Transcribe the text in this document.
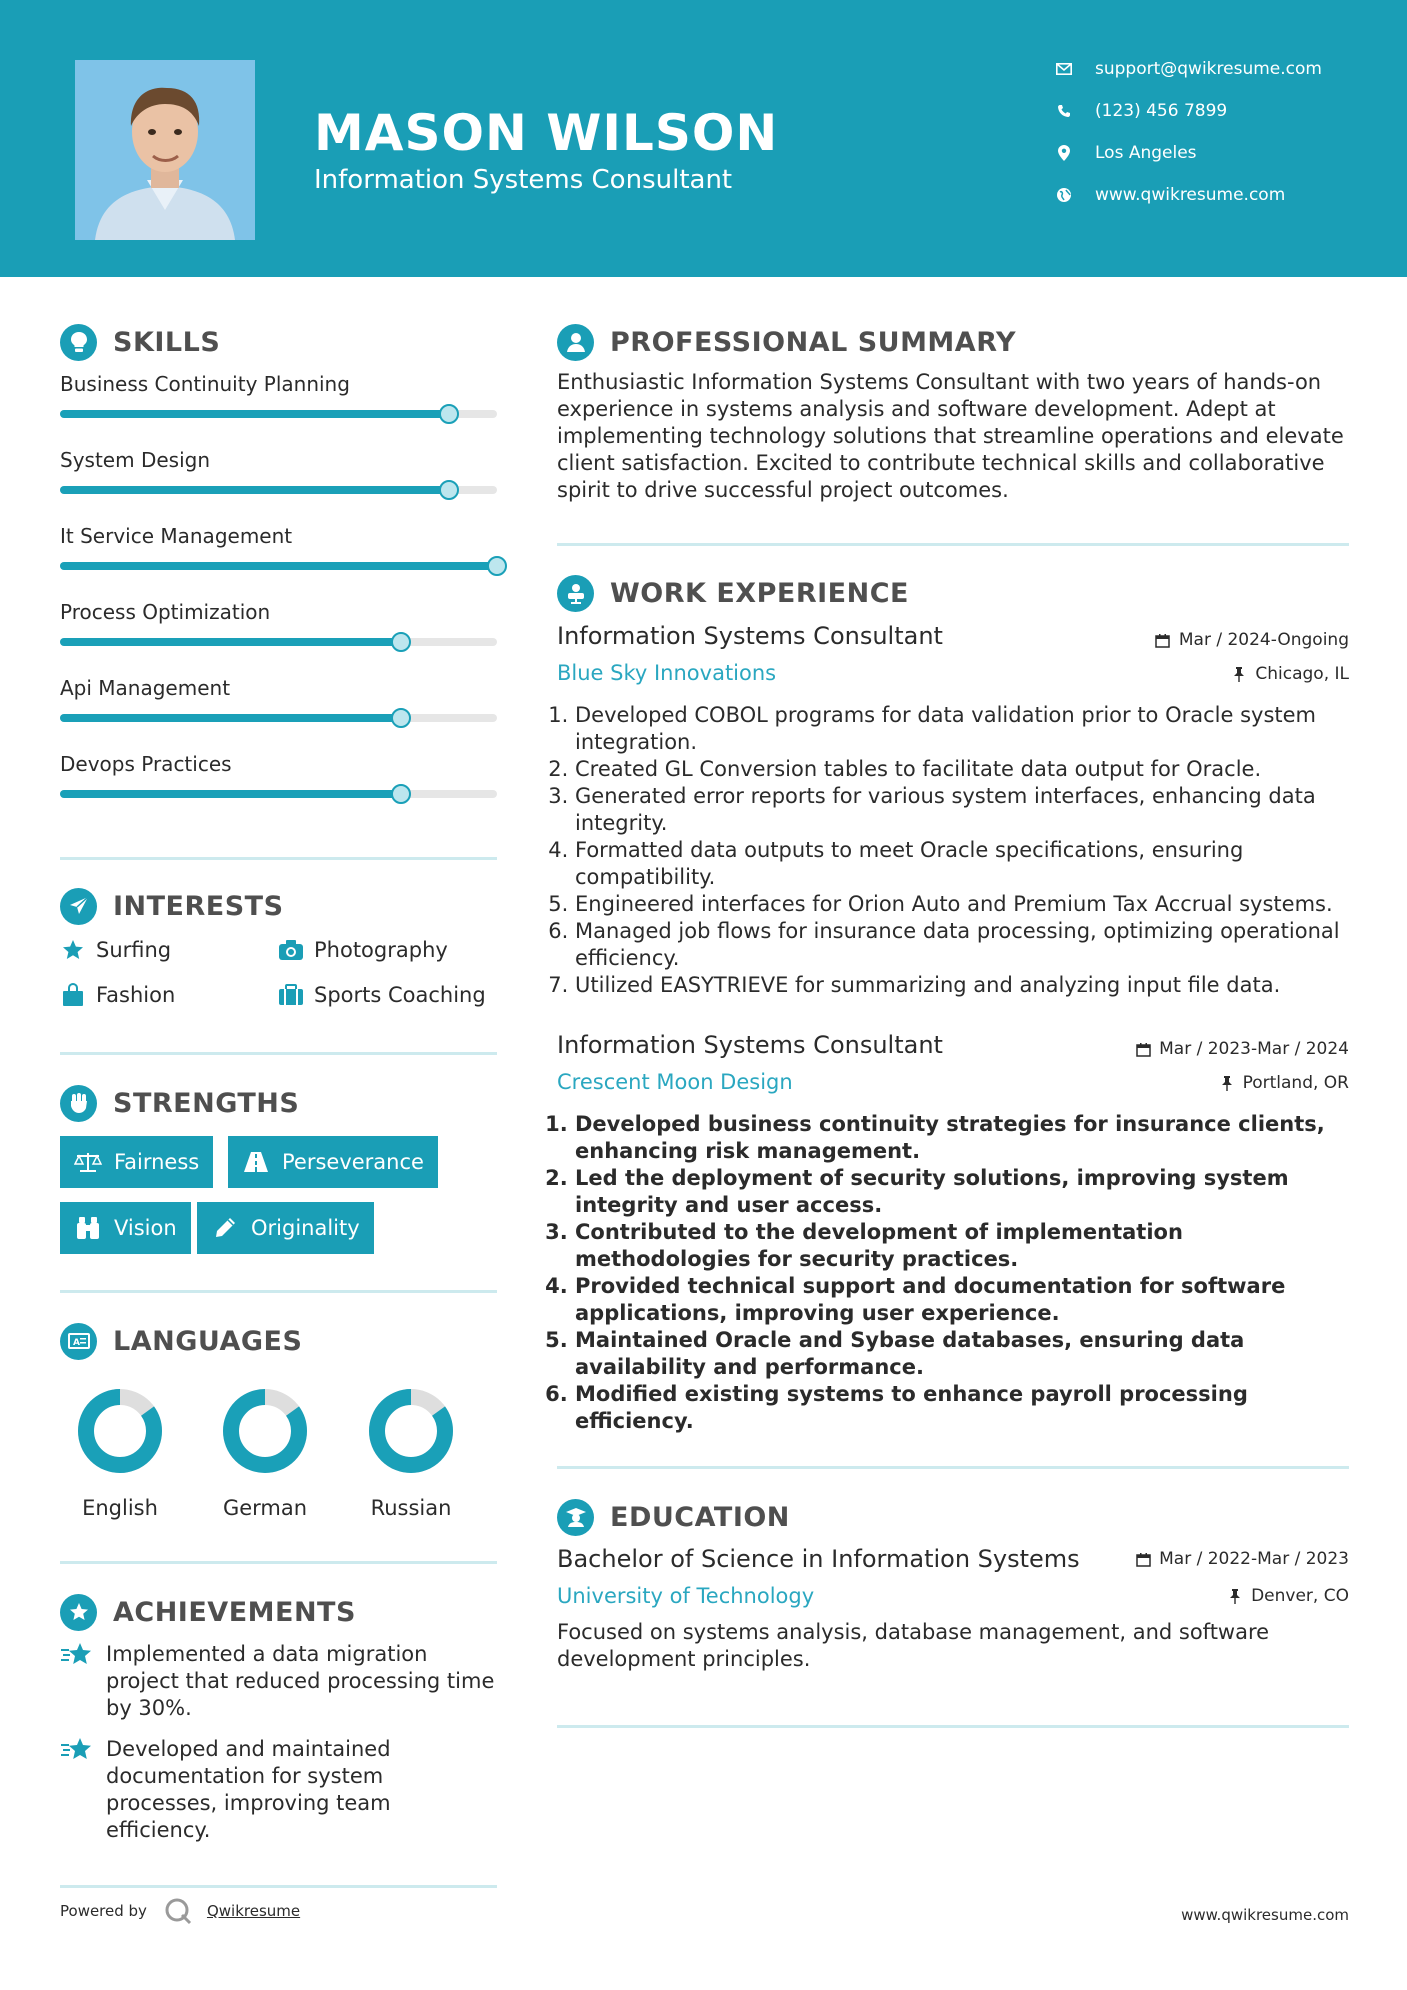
MASON WILSON
Information Systems Consultant
support@qwikresume.com
(123) 456 7899
Los Angeles
www.qwikresume.com
SKILLS
Business Continuity Planning
System Design
It Service Management
Process Optimization
Api Management
Devops Practices
INTERESTS
Surfing	Photography
Fashion	Sports Coaching
STRENGTHS
Fairness	Perseverance
Vision	Originality
A LANGUAGES
English	German	Russian
ACHIEVEMENTS
Implemented a data migration project that reduced processing time by 30%.
Developed and maintained documentation for system processes, improving team efficiency.
PROFESSIONAL SUMMARY
Enthusiastic Information Systems Consultant with two years of hands-on experience in systems analysis and software development. Adept at implementing technology solutions that streamline operations and elevate client satisfaction. Excited to contribute technical skills and collaborative spirit to drive successful project outcomes.
WORK EXPERIENCE
Information Systems Consultant	Mar / 2024-Ongoing
Blue Sky Innovations	Chicago, IL
1. Developed COBOL programs for data validation prior to Oracle system integration.
2. Created GL Conversion tables to facilitate data output for Oracle.
3. Generated error reports for various system interfaces, enhancing data integrity.
4. Formatted data outputs to meet Oracle specifications, ensuring compatibility.
5. Engineered interfaces for Orion Auto and Premium Tax Accrual systems.
6. Managed job flows for insurance data processing, optimizing operational efficiency.
7. Utilized EASYTRIEVE for summarizing and analyzing input file data.
Information Systems Consultant	Mar / 2023-Mar / 2024
Crescent Moon Design	Portland, OR
1. Developed business continuity strategies for insurance clients, enhancing risk management.
2. Led the deployment of security solutions, improving system integrity and user access.
3. Contributed to the development of implementation methodologies for security practices.
4. Provided technical support and documentation for software applications, improving user experience.
5. Maintained Oracle and Sybase databases, ensuring data availability and performance.
6. Modified existing systems to enhance payroll processing efficiency.
EDUCATION
Bachelor of Science in Information Systems	Mar / 2022-Mar / 2023
University of Technology	Denver, CO
Focused on systems analysis, database management, and software development principles.
Powered by	Qwikresume	www.qwikresume.com
